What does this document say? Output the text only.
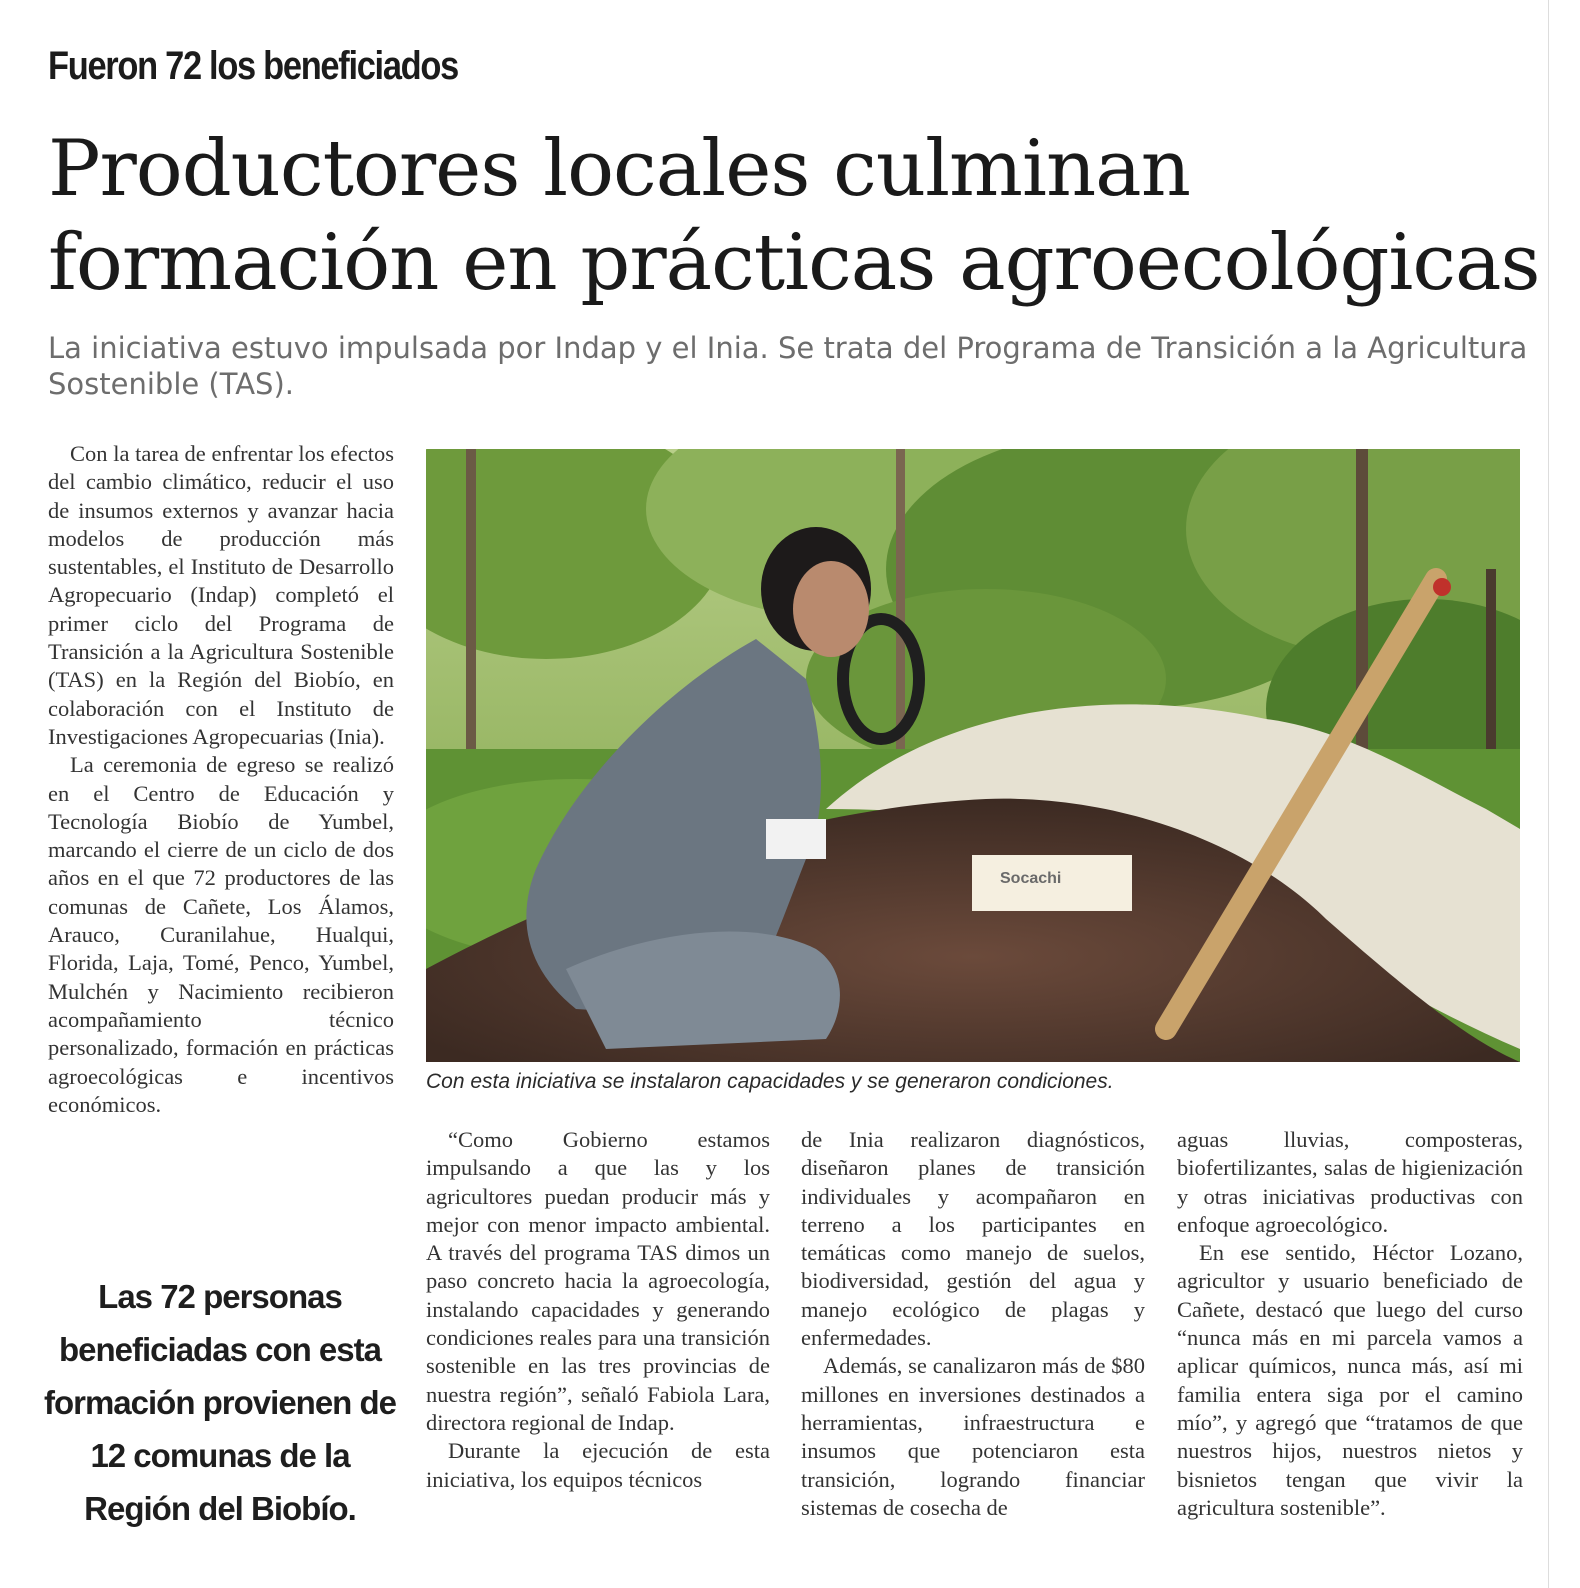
Fueron 72 los beneficiados
Productores locales culminan formación en prácticas agroecológicas

La iniciativa estuvo impulsada por Indap y el Inia. Se trata del Programa de Transición a la Agricultura Sostenible (TAS).

Con la tarea de enfrentar los efectos del cambio climático, reducir el uso de insumos externos y avanzar hacia modelos de producción más sustentables, el Instituto de Desarrollo Agropecuario (Indap) completó el primer ciclo del Programa de Transición a la Agricultura Sostenible (TAS) en la Región del Biobío, en colaboración con el Instituto de Investigaciones Agropecuarias (Inia).

La ceremonia de egreso se realizó en el Centro de Educación y Tecnología Biobío de Yumbel, marcando el cierre de un ciclo de dos años en el que 72 productores de las comunas de Cañete, Los Álamos, Arauco, Curanilahue, Hualqui, Florida, Laja, Tomé, Penco, Yumbel, Mulchén y Nacimiento recibieron acompañamiento técnico personalizado, formación en prácticas agroecológicas e incentivos económicos.

Las 72 personas beneficiadas con esta formación provienen de 12 comunas de la Región del Biobío.
Socachi
Con esta iniciativa se instalaron capacidades y se generaron condiciones.

“Como Gobierno estamos impulsando a que las y los agricultores puedan producir más y mejor con menor impacto ambiental. A través del programa TAS dimos un paso concreto hacia la agroecología, instalando capacidades y generando condiciones reales para una transición sostenible en las tres provincias de nuestra región”, señaló Fabiola Lara, directora regional de Indap.

Durante la ejecución de esta iniciativa, los equipos técnicos

de Inia realizaron diagnósticos, diseñaron planes de transición individuales y acompañaron en terreno a los participantes en temáticas como manejo de suelos, biodiversidad, gestión del agua y manejo ecológico de plagas y enfermedades.

Además, se canalizaron más de $80 millones en inversiones destinados a herramientas, infraestructura e insumos que potenciaron esta transición, logrando financiar sistemas de cosecha de

aguas lluvias, composteras, biofertilizantes, salas de higienización y otras iniciativas productivas con enfoque agroecológico.

En ese sentido, Héctor Lozano, agricultor y usuario beneficiado de Cañete, destacó que luego del curso “nunca más en mi parcela vamos a aplicar químicos, nunca más, así mi familia entera siga por el camino mío”, y agregó que “tratamos de que nuestros hijos, nuestros nietos y bisnietos tengan que vivir la agricultura sostenible”.
